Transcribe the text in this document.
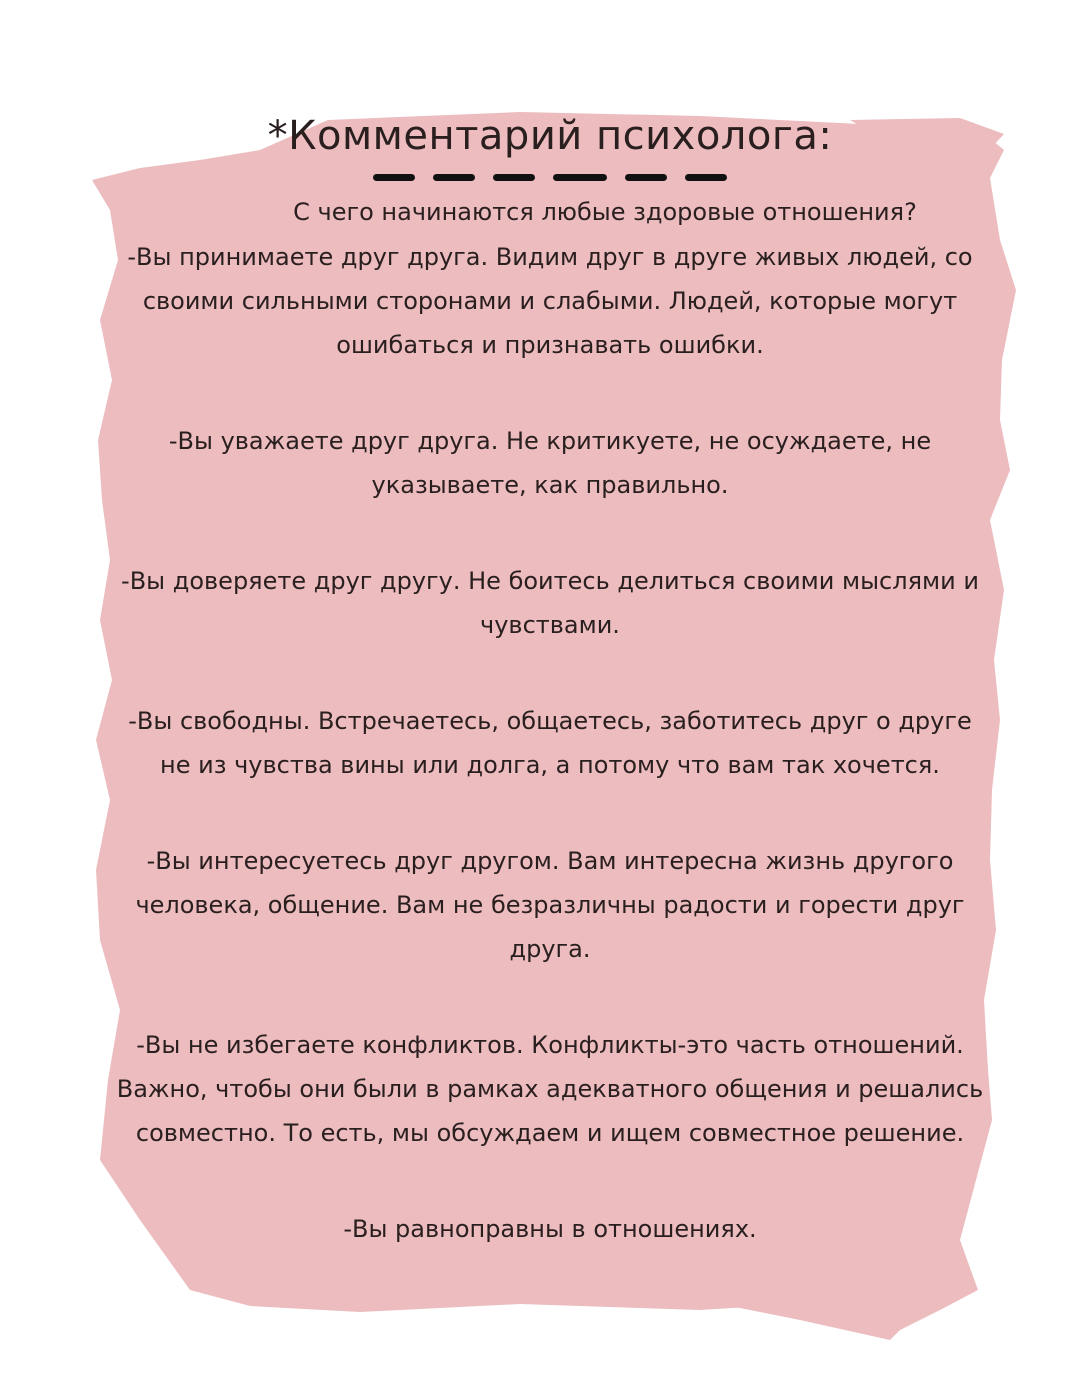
*Комментарий психолога:

С чего начинаются любые здоровые отношения?

-Вы принимаете друг друга. Видим друг в друге живых людей, со своими сильными сторонами и слабыми. Людей, которые могут ошибаться и признавать ошибки.

-Вы уважаете друг друга. Не критикуете, не осуждаете, не указываете, как правильно.

-Вы доверяете друг другу. Не боитесь делиться своими мыслями и чувствами.

-Вы свободны. Встречаетесь, общаетесь, заботитесь друг о друге не из чувства вины или долга, а потому что вам так хочется.

-Вы интересуетесь друг другом. Вам интересна жизнь другого человека, общение. Вам не безразличны радости и горести друг друга.

-Вы не избегаете конфликтов. Конфликты-это часть отношений. Важно, чтобы они были в рамках адекватного общения и решались совместно. То есть, мы обсуждаем и ищем совместное решение.

-Вы равноправны в отношениях.
